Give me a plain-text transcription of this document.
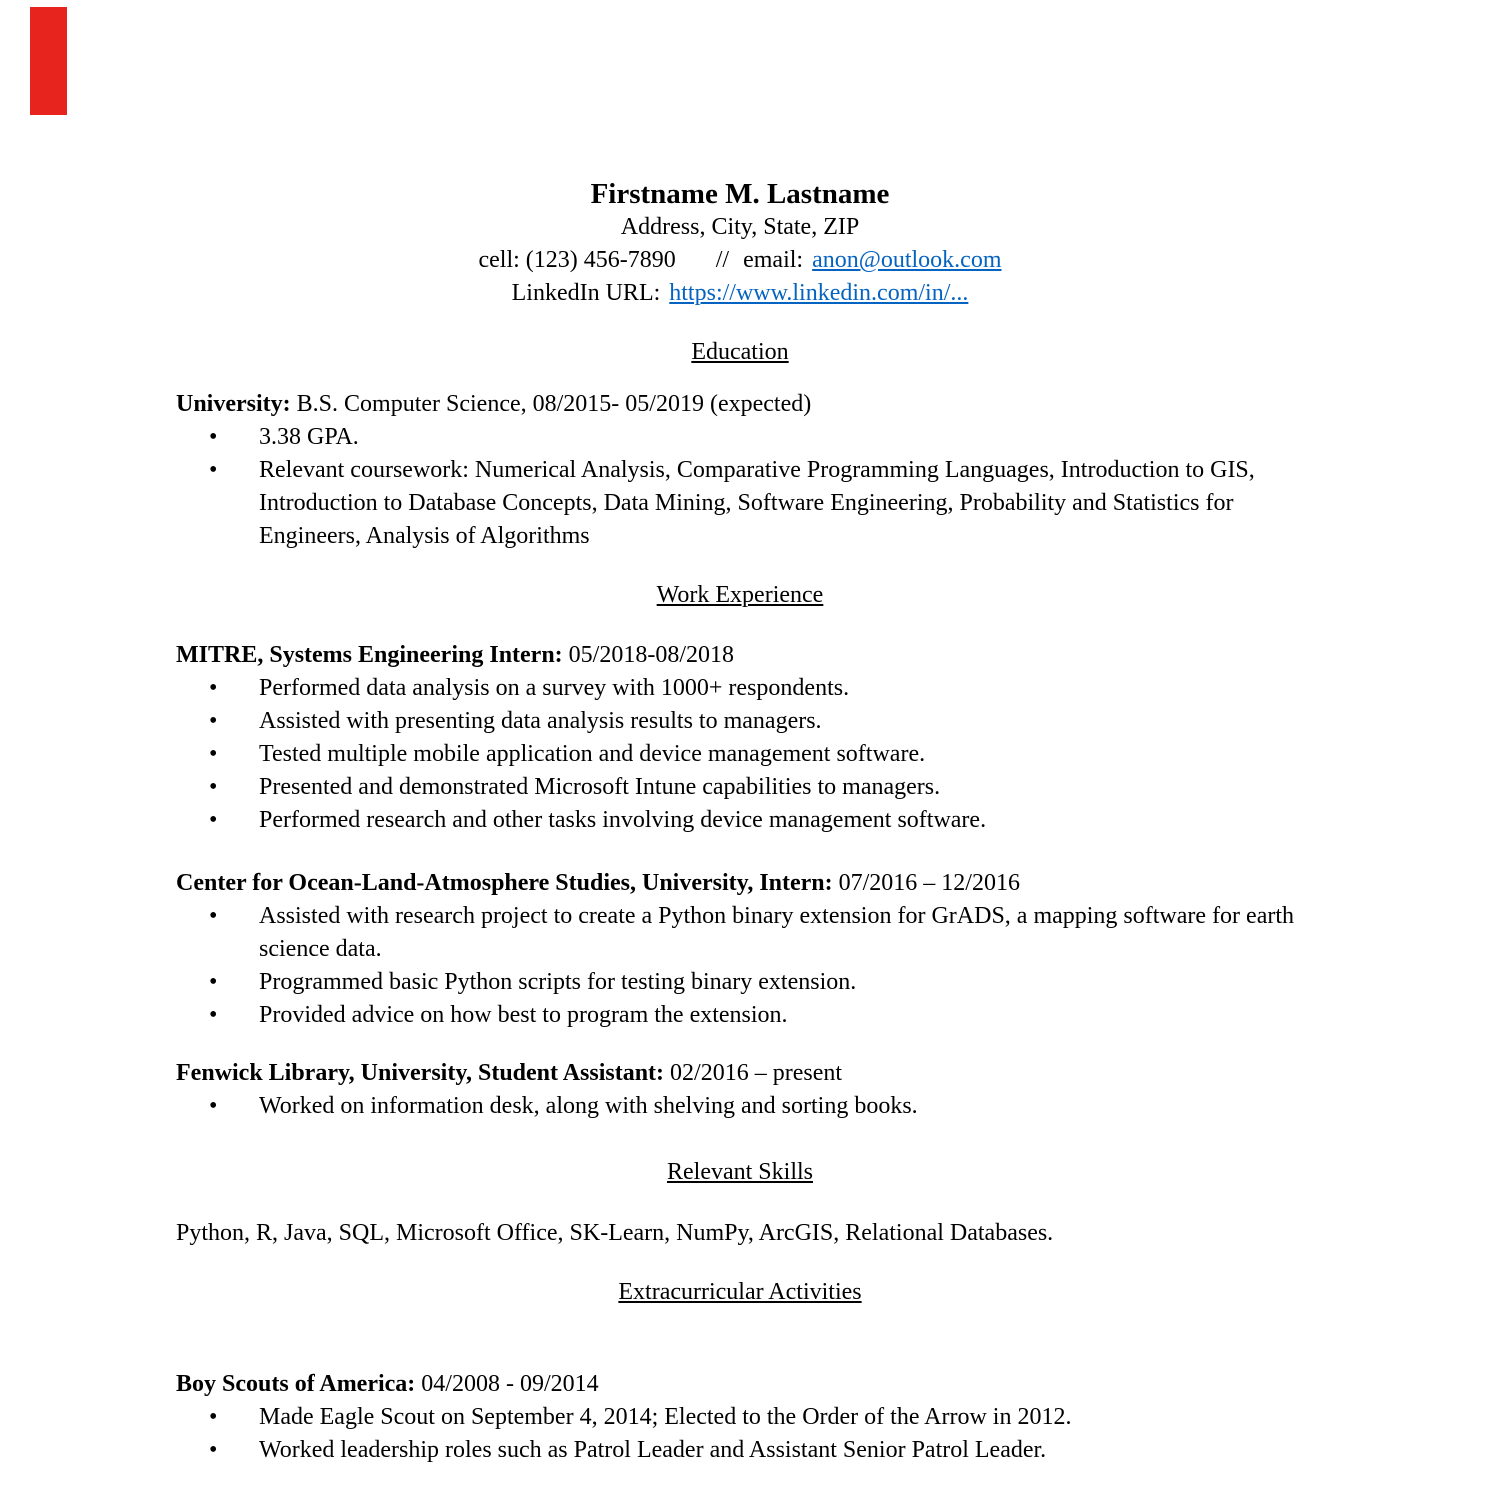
Firstname M. Lastname
Address, City, State, ZIP
cell: (123) 456-7890 // email: anon@outlook.com
LinkedIn URL: https://www.linkedin.com/in/...
Education

University: B.S. Computer Science, 08/2015- 05/2019 (expected)

• 3.38 GPA.
• Relevant coursework: Numerical Analysis, Comparative Programming Languages, Introduction to GIS, Introduction to Database Concepts, Data Mining, Software Engineering, Probability and Statistics for Engineers, Analysis of Algorithms
Work Experience

MITRE, Systems Engineering Intern: 05/2018-08/2018

• Performed data analysis on a survey with 1000+ respondents.
• Assisted with presenting data analysis results to managers.
• Tested multiple mobile application and device management software.
• Presented and demonstrated Microsoft Intune capabilities to managers.
• Performed research and other tasks involving device management software.

Center for Ocean-Land-Atmosphere Studies, University, Intern: 07/2016 – 12/2016

• Assisted with research project to create a Python binary extension for GrADS, a mapping software for earth science data.
• Programmed basic Python scripts for testing binary extension.
• Provided advice on how best to program the extension.

Fenwick Library, University, Student Assistant: 02/2016 – present

• Worked on information desk, along with shelving and sorting books.
Relevant Skills

Python, R, Java, SQL, Microsoft Office, SK-Learn, NumPy, ArcGIS, Relational Databases.

Extracurricular Activities

Boy Scouts of America: 04/2008 - 09/2014

• Made Eagle Scout on September 4, 2014; Elected to the Order of the Arrow in 2012.
• Worked leadership roles such as Patrol Leader and Assistant Senior Patrol Leader.
